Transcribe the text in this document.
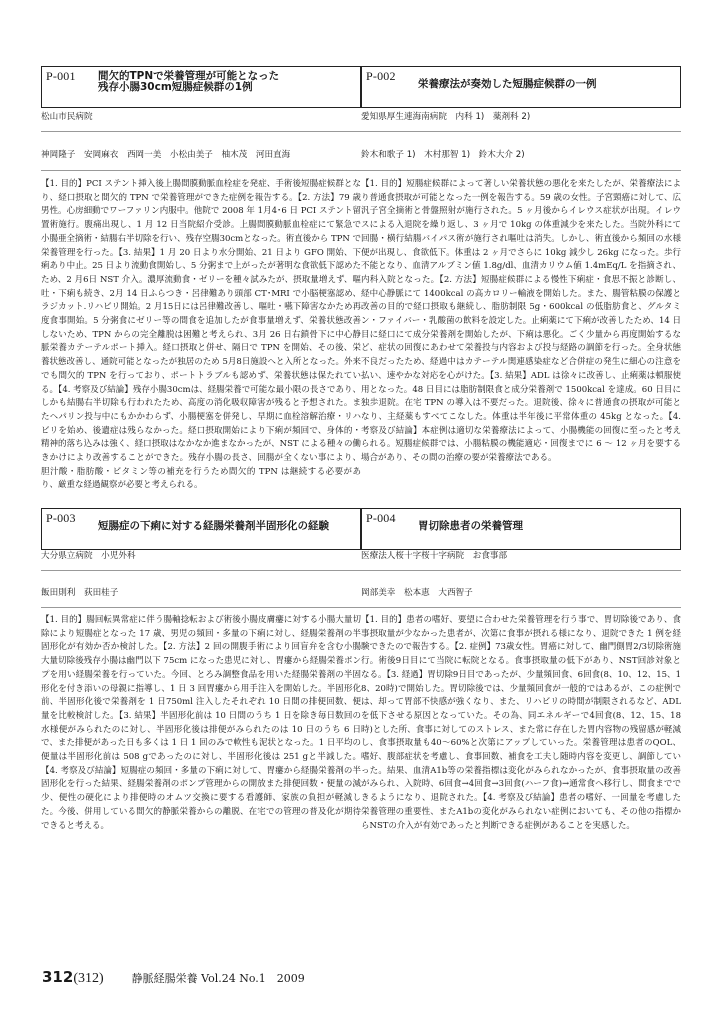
P-001 間欠的TPNで栄養管理が可能となった
残存小腸30cm短腸症候群の1例
松山市民病院
神岡隆子　安岡麻衣　西岡一美　小松由美子　柚木茂　河田直海
【1. 目的】PCI ステント挿入後上腸間膜動脈血栓症を発症、手術後短腸症候群となり、経口摂取と間欠的 TPN で栄養管理ができた症例を報告する。【2. 方法】79 歳男性。心房細動でワーファリン内服中。他院で 2008 年 1月4･6 日 PCI ステント留置術施行。腹痛出現し、1 月 12 日当院紹介受診。上腸間膜動脈血栓症にて緊急で小腸亜全摘術・結腸右半切除を行い、残存空腸30cmとなった。術直後から TPN で栄養管理を行った。【3. 結果】1 月 20 日より水分開始、21 日より GFO 開始、下痢あり中止。25 日より流動食開始し、5 分粥まで上がったが著明な食欲低下認めたため、2 月6日 NST 介入。濃厚流動食・ゼリーを種々試みたが、摂取量増えず、嘔吐・下痢も続き、2月 14 日ふらつき・呂律難あり頭部 CT･MRI で小脳梗塞認め、ラジカット.リハビリ開始。2 月15日には呂律難改善し、嘔吐・嚥下障害なかため再度食事開始。5 分粥食にゼリー等の間食を追加したが食事量増えず、栄養状態改善しないため、TPN からの完全離脱は困難と考えられ、3月 26 日右鎖骨下に中心静脈栄養カテーテルポート挿入。経口摂取と併せ、隔日で TPN を開始、その後、栄養状態改善し、通院可能となったが独居のため 5月8日施設へと入所となった。外来でも間欠的 TPN を行っており、ポートトラブルも認めず、栄養状態は保たれている。【4. 考察及び結論】残存小腸30cmは、経腸栄養で可能な最小限の長さであり、しかも結腸右半切除も行われたため、高度の消化吸収障害が残ると予想された。またヘパリン投与中にもかかわらず、小腸梗塞を併発し、早期に血栓溶解治療・リハビリを始め、後遺症は残らなかった。経口摂取開始により下痢が頻回で、身体的・精神的落ち込みは強く、経口摂取はなかなか進まなかったが、NST による種々の働きかけにより改善することができた。残存小腸の長さ、回腸が全くない事により、胆汁酸・脂肪酸・ビタミン等の補充を行うため間欠的 TPN は継続する必要があり、厳重な経過観察が必要と考えられる。
P-002
栄養療法が奏効した短腸症候群の一例
愛知県厚生連海南病院　内科 1)　薬剤科 2)
鈴木和歌子 1)　木村那智 1)　鈴木大介 2)
【1. 目的】短腸症候群によって著しい栄養状態の悪化を来たしたが、栄養療法により普通食摂取が可能となった一例を報告する。59 歳の女性。子宮頸癌に対して、広汎子宮全摘術と骨盤照射が施行された。5 ヶ月後からイレウス症状が出現。イレウスによる入退院を繰り返し、3 ヶ月で 10kg の体重減少を来たした。当院外科にて回腸・横行結腸バイパス術が施行され嘔吐は消失。しかし、術直後から頻回の水様便が出現し、食欲低下。体重は 2 ヶ月でさらに 10kg 減少し 26kg になった。歩行不能となり、血清アルブミン値 1.8g/dl、血清カリウム値 1.4mEq/L を指摘され、内科入院となった。【2. 方法】短腸症候群による慢性下痢症・食思不振と診断し、経中心静脈にて 1400kcal の高カロリー輸液を開始した。また、腸管粘膜の保護と改善の目的で経口摂取も継続し、脂肪制限 5g・600kcal の低脂肪食と、グルタミン・ファイバー・乳酸菌の飲料を設定した。止痢薬にて下痢が改善したため、14 日目に経口にて成分栄養剤を開始したが、下痢は悪化。ごく少量から再度開始するなど、症状の回復にあわせて栄養投与内容および投与経路の調節を行った。全身状態不良だったため、経過中はカテーテル関連感染症など合併症の発生に細心の注意を払い、速やかな対応を心がけた。【3. 結果】ADL は徐々に改善し、止痢薬は頓服使用となった。48 日目には脂肪制限食と成分栄養剤で 1500kcal を達成。60 日目に独歩退院。在宅 TPN の導入は不要だった。退院後、徐々に普通食の摂取が可能となり、主経薬もすべてこなした。体重は半年後に平常体重の 45kg となった。【4. 考察及び結論】本症例は適切な栄養療法によって、小腸機能の回復に至ったと考えられる。短腸症候群では、小腸粘膜の機能適応・回復までに 6 ～ 12 ヶ月を要する場合があり、その間の治療の要が栄養療法である。
P-003
短腸症の下痢に対する経腸栄養剤半固形化の経験
大分県立病院　小児外科
飯田則利　荻田桂子
【1. 目的】腸回転異常症に伴う腸軸捻転および術後小腸皮膚瘻に対する小腸大量切除により短腸症となった 17 歳、男児の頻回・多量の下痢に対し、経腸栄養剤の半固形化が有効か否か検討した。【2. 方法】2 回の開腹手術により回盲弁を含む小腸大量切除後残存小腸は幽門以下 75cm になった患児に対し、胃瘻から経腸栄養ポンプを用い経腸栄養を行っていた。今回、とろみ調整食品を用いた経腸栄養剤の半固形化を付き添いの母親に指導し、1 日 3 回胃瘻から用手注入を開始した。半固形化前、半固形化後で栄養剤を 1 日750ml 注入したそれぞれ 10 日間の排便回数、便量を比較検討した。【3. 結果】半固形化前は 10 日間のうち 1 日を除き毎日数回の水様便がみられたのに対し、半固形化後は排便がみられたのは 10 日のうち 6 日で、また排便があった日も多くは 1 日 1 回のみで軟性も泥状となった。1 日平均の便量は半固形化前は 508 gであったのに対し、半固形化後は 251 gと半減した。【4. 考察及び結論】短腸症の頻回・多量の下痢に対して、胃瘻から経腸栄養剤の半固形化を行った結果、経腸栄養剤のポンプ管理からの開放また排便回数・便量の減少、便性の硬化により排便時のオムツ交換に要する看護師、家族の負担が軽減した。今後、併用している間欠的静脈栄養からの離脱、在宅での管理の普及化が期待できると考える。
P-004
胃切除患者の栄養管理
医療法人桜十字桜十字病院　お食事部
岡部美幸　松本恵　大西智子
【1. 目的】患者の嗜好、要望に合わせた栄養管理を行う事で、胃切除後であり、食事摂取量が少なかった患者が、次第に食事が摂れる様になり、退院できた 1 例を経験できたので報告する。【2. 症例】73歳女性。胃癌に対して、幽門側胃2/3切除術施行。術後9日目にて当院に転院となる。食事摂取量の低下があり、NST回診対象となる。【3. 経過】胃切除9日目であったが、少量頻回食、6回食(8、10、12、15、18、20時)で開始した。胃切除後では、少量頻回食が一般的ではあるが、この症例では、却って胃部不快感が強くなり、また、リハビリの時間が制限されるなど、ADL を低下させる原因となっていた。その為、同エネルギーで4回食(8、12、15、18時)とした所、食事に対してのストレス、また常に存在した胃内容物の残留感が軽減し、食事摂取量も40～60%と次第にアップしていった。栄養管理は患者のQOL、嗜好、腹部症状を考慮し、食事回数、補食を工夫し随時内容を変更し、調節していった。結果、血清A1b等の栄養指標は変化がみられなかったが、食事摂取量の改善がみられ、入院時、6回食→4回食→3回食(ハーフ食)→通常食へ移行し、間食までできるようになり、退院された。【4. 考察及び結論】患者の嗜好、一回量を考慮した栄養管理の重要性、またA1bの変化がみられない症例においても、その他の指標からNSTの介入が有効であったと判断できる症例があることを実感した。
312(312)	静脈経腸栄養 Vol.24 No.1　2009
